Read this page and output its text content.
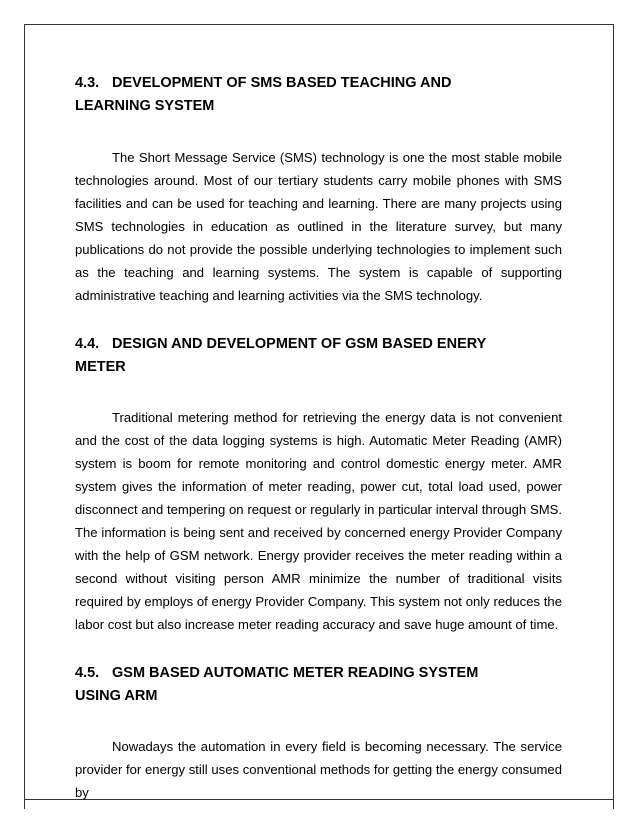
4.3. DEVELOPMENT OF SMS BASED TEACHING AND
LEARNING SYSTEM

The Short Message Service (SMS) technology is one the most stable mobile technologies around. Most of our tertiary students carry mobile phones with SMS facilities and can be used for teaching and learning. There are many projects using SMS technologies in education as outlined in the literature survey, but many publications do not provide the possible underlying technologies to implement such as the teaching and learning systems. The system is capable of supporting administrative teaching and learning activities via the SMS technology.

4.4. DESIGN AND DEVELOPMENT OF GSM BASED ENERY
METER

Traditional metering method for retrieving the energy data is not convenient and the cost of the data logging systems is high. Automatic Meter Reading (AMR) system is boom for remote monitoring and control domestic energy meter. AMR system gives the information of meter reading, power cut, total load used, power disconnect and tempering on request or regularly in particular interval through SMS. The information is being sent and received by concerned energy Provider Company with the help of GSM network. Energy provider receives the meter reading within a second without visiting person AMR minimize the number of traditional visits required by employs of energy Provider Company. This system not only reduces the labor cost but also increase meter reading accuracy and save huge amount of time.

4.5. GSM BASED AUTOMATIC METER READING SYSTEM
USING ARM

Nowadays the automation in every field is becoming necessary. The service provider for energy still uses conventional methods for getting the energy consumed by
